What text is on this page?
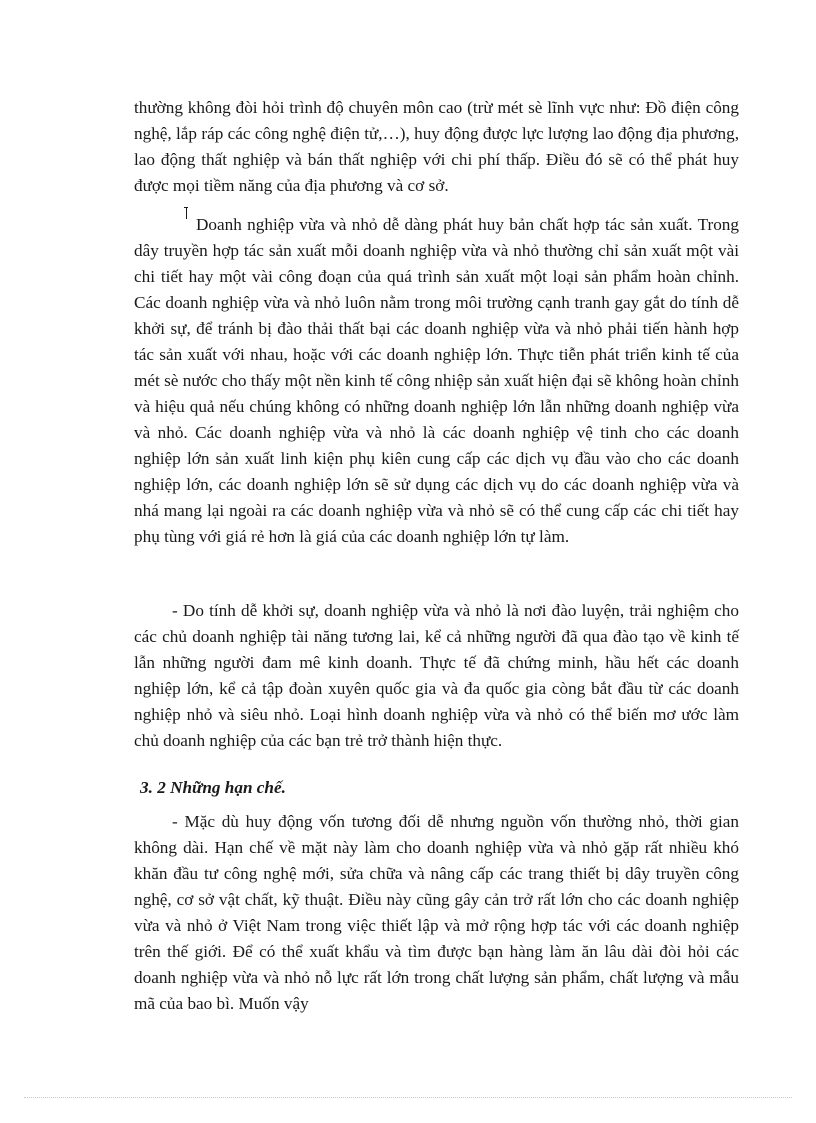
thường không đòi hỏi trình độ chuyên môn cao (trừ mét sè lĩnh vực như: Đồ điện công nghệ, lắp ráp các công nghệ điện tử,…), huy động được lực lượng lao động địa phương, lao động thất nghiệp và bán thất nghiệp với chi phí thấp. Điều đó sẽ có thể phát huy được mọi tiềm năng của địa phương và cơ sở.

Doanh nghiệp vừa và nhỏ dễ dàng phát huy bản chất hợp tác sản xuất. Trong dây truyền hợp tác sản xuất mỗi doanh nghiệp vừa và nhỏ thường chỉ sản xuất một vài chi tiết hay một vài công đoạn của quá trình sản xuất một loại sản phẩm hoàn chỉnh. Các doanh nghiệp vừa và nhỏ luôn nằm trong môi trường cạnh tranh gay gắt do tính dễ khởi sự, để tránh bị đào thải thất bại các doanh nghiệp vừa và nhỏ phải tiến hành hợp tác sản xuất với nhau, hoặc với các doanh nghiệp lớn. Thực tiễn phát triển kinh tế của mét sè nước cho thấy một nền kinh tế công nhiệp sản xuất hiện đại sẽ không hoàn chỉnh và hiệu quả nếu chúng không có những doanh nghiệp lớn lẫn những doanh nghiệp vừa và nhỏ. Các doanh nghiệp vừa và nhỏ là các doanh nghiệp vệ tinh cho các doanh nghiệp lớn sản xuất linh kiện phụ kiên cung cấp các dịch vụ đầu vào cho các doanh nghiệp lớn, các doanh nghiệp lớn sẽ sử dụng các dịch vụ do các doanh nghiệp vừa và nhá mang lại ngoài ra các doanh nghiệp vừa và nhỏ sẽ có thể cung cấp các chi tiết hay phụ tùng với giá rẻ hơn là giá của các doanh nghiệp lớn tự làm.

- Do tính dễ khởi sự, doanh nghiệp vừa và nhỏ là nơi đào luyện, trải nghiệm cho các chủ doanh nghiệp tài năng tương lai, kể cả những người đã qua đào tạo về kinh tế lẫn những người đam mê kinh doanh. Thực tế đã chứng minh, hầu hết các doanh nghiệp lớn, kể cả tập đoàn xuyên quốc gia và đa quốc gia còng bắt đầu từ các doanh nghiệp nhỏ và siêu nhỏ. Loại hình doanh nghiệp vừa và nhỏ có thể biến mơ ước làm chủ doanh nghiệp của các bạn trẻ trở thành hiện thực.

3. 2 Những hạn chế.

- Mặc dù huy động vốn tương đối dễ nhưng nguồn vốn thường nhỏ, thời gian không dài. Hạn chế về mặt này làm cho doanh nghiệp vừa và nhỏ gặp rất nhiều khó khăn đầu tư công nghệ mới, sửa chữa và nâng cấp các trang thiết bị dây truyền công nghệ, cơ sở vật chất, kỹ thuật. Điều này cũng gây cản trở rất lớn cho các doanh nghiệp vừa và nhỏ ở Việt Nam trong việc thiết lập và mở rộng hợp tác với các doanh nghiệp trên thế giới. Để có thể xuất khẩu và tìm được bạn hàng làm ăn lâu dài đòi hỏi các doanh nghiệp vừa và nhỏ nỗ lực rất lớn trong chất lượng sản phẩm, chất lượng và mẫu mã của bao bì. Muốn vậy
